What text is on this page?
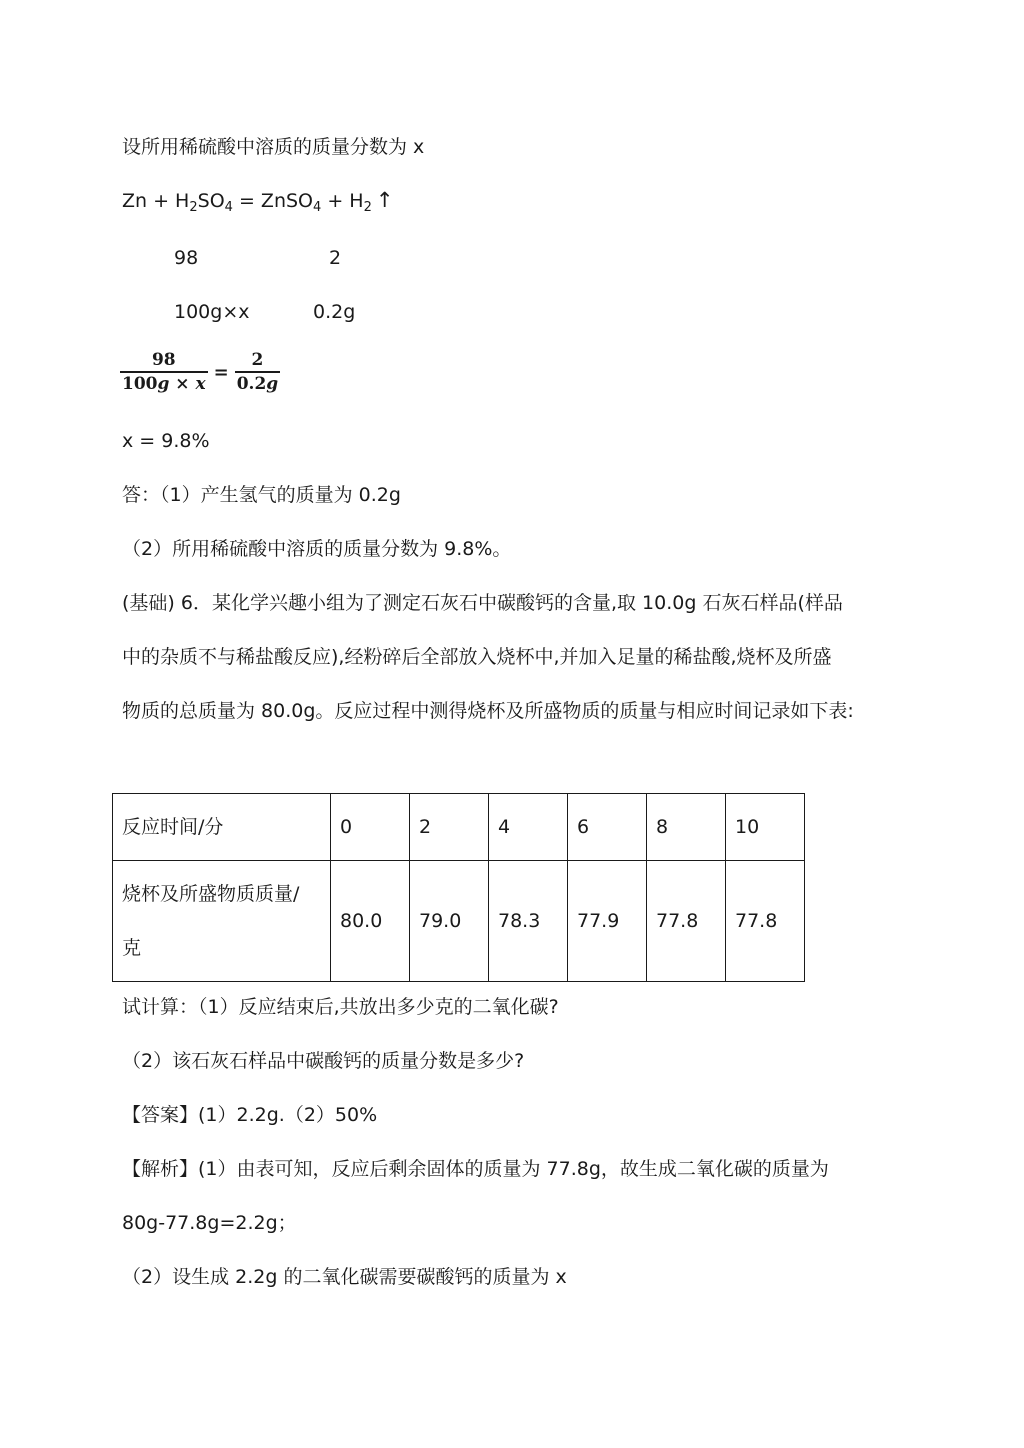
设所用稀硫酸中溶质的质量分数为 x
$Zn + H_2SO_4$ = ZnSO$_4$ + $H_2$ ↑
98	2
100g×x	0.2g
$\frac{98}{100g \times x} = \frac{2}{0.2g}$
x = 9.8%
答：（1）产生氢气的质量为 0.2g
（2）所用稀硫酸中溶质的质量分数为 9.8%。
(基础) 6．某化学兴趣小组为了测定石灰石中碳酸钙的含量,取 10.0g 石灰石样品(样品
中的杂质不与稀盐酸反应),经粉碎后全部放入烧杯中,并加入足量的稀盐酸,烧杯及所盛
物质的总质量为 80.0g。反应过程中测得烧杯及所盛物质的质量与相应时间记录如下表:
反应时间/分	0	2	4	6	8	10
烧杯及所盛物质质量/
克	80.0	79.0	78.3	77.9	77.8	77.8
试计算：（1）反应结束后,共放出多少克的二氧化碳?
（2）该石灰石样品中碳酸钙的质量分数是多少?
【答案】(1）2.2g.（2）50%
【解析】(1）由表可知，反应后剩余固体的质量为 77.8g，故生成二氧化碳的质量为
80g-77.8g=2.2g；
（2）设生成 2.2g 的二氧化碳需要碳酸钙的质量为 x
